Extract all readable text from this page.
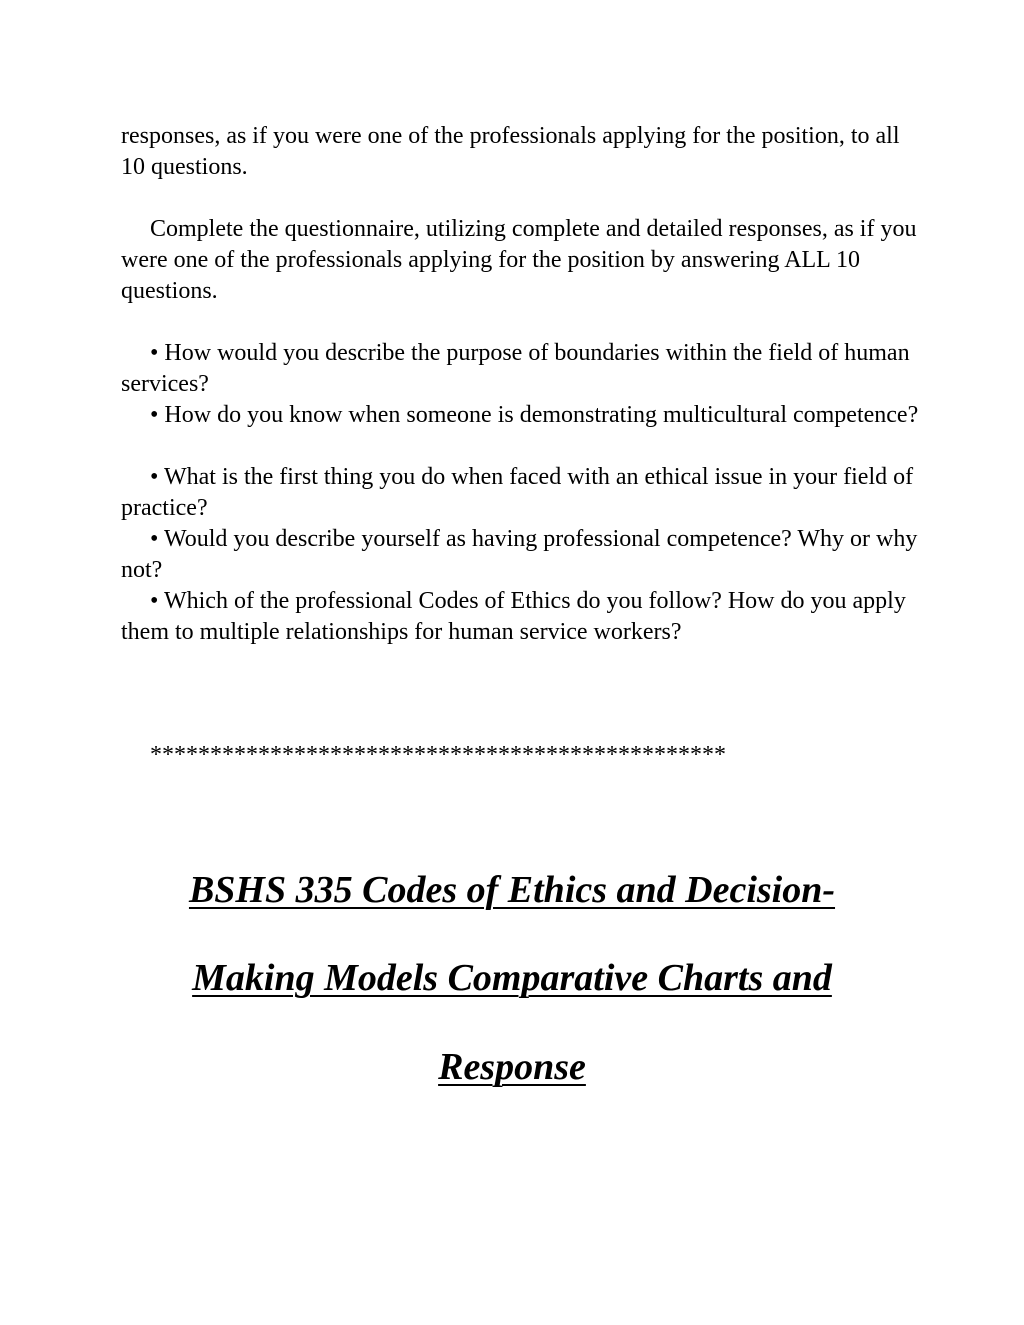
responses, as if you were one of the professionals applying for the position, to all 10 questions.

Complete the questionnaire, utilizing complete and detailed responses, as if you were one of the professionals applying for the position by answering ALL 10 questions.

• How would you describe the purpose of boundaries within the field of human services?

• How do you know when someone is demonstrating multicultural competence?

• What is the first thing you do when faced with an ethical issue in your field of practice?

• Would you describe yourself as having professional competence? Why or why not?

• Which of the professional Codes of Ethics do you follow? How do you apply them to multiple relationships for human service workers?

************************************************

BSHS 335 Codes of Ethics and Decision-
Making Models Comparative Charts and
Response
